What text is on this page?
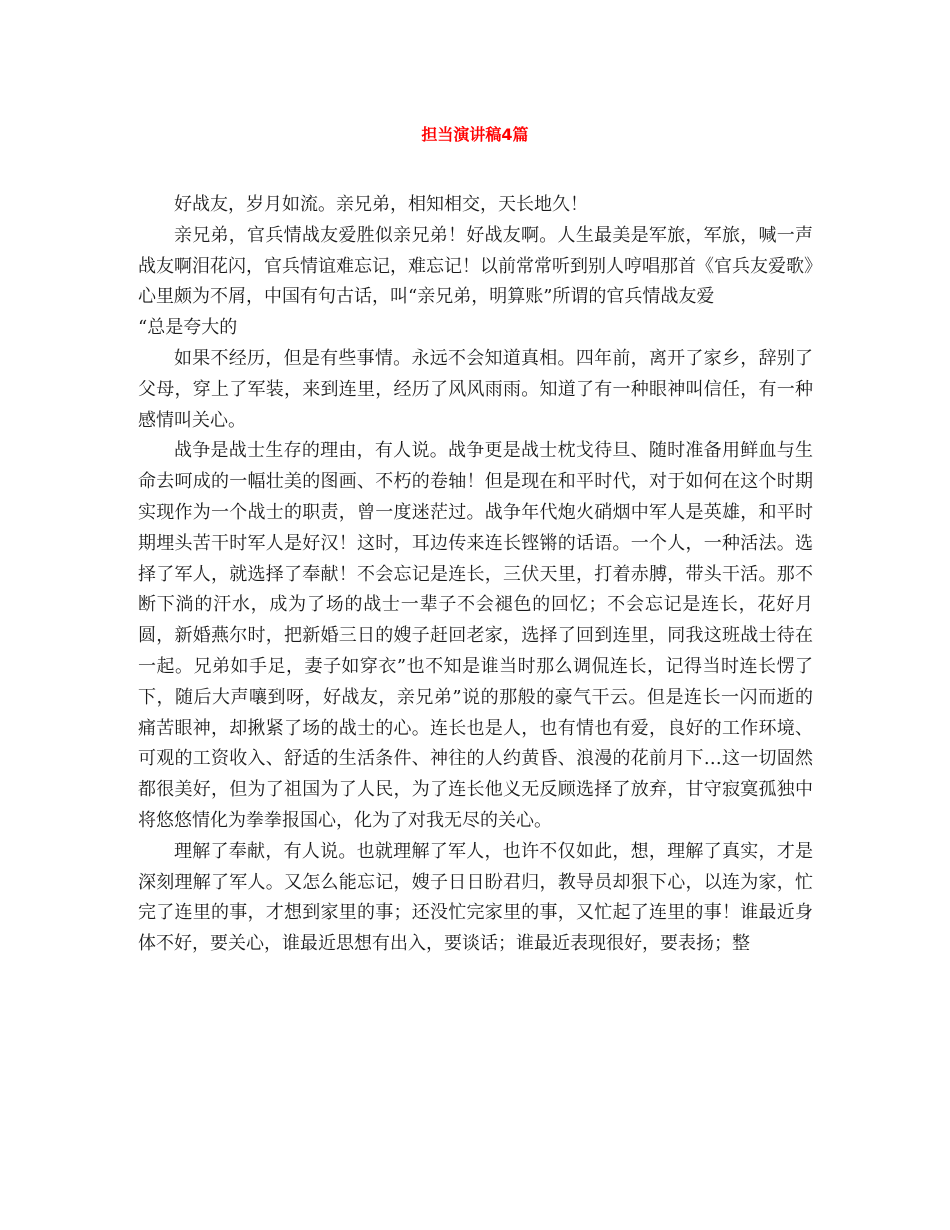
担当演讲稿4篇

好战友，岁月如流。亲兄弟，相知相交，天长地久！

亲兄弟，官兵情战友爱胜似亲兄弟！好战友啊。人生最美是军旅，军旅，喊一声战友啊泪花闪，官兵情谊难忘记，难忘记！以前常常听到别人哼唱那首《官兵友爱歌》心里颇为不屑，中国有句古话，叫“亲兄弟，明算账”所谓的官兵情战友爱

“总是夸大的

如果不经历，但是有些事情。永远不会知道真相。四年前，离开了家乡，辞别了父母，穿上了军装，来到连里，经历了风风雨雨。知道了有一种眼神叫信任，有一种感情叫关心。

战争是战士生存的理由，有人说。战争更是战士枕戈待旦、随时准备用鲜血与生命去呵成的一幅壮美的图画、不朽的卷轴！但是现在和平时代，对于如何在这个时期实现作为一个战士的职责，曾一度迷茫过。战争年代炮火硝烟中军人是英雄，和平时期埋头苦干时军人是好汉！这时，耳边传来连长铿锵的话语。一个人，一种活法。选择了军人，就选择了奉献！不会忘记是连长，三伏天里，打着赤膊，带头干活。那不断下淌的汗水，成为了场的战士一辈子不会褪色的回忆；不会忘记是连长，花好月圆，新婚燕尔时，把新婚三日的嫂子赶回老家，选择了回到连里，同我这班战士待在一起。兄弟如手足，妻子如穿衣”也不知是谁当时那么调侃连长，记得当时连长愣了下，随后大声嚷到呀，好战友，亲兄弟”说的那般的豪气干云。但是连长一闪而逝的痛苦眼神，却揪紧了场的战士的心。连长也是人，也有情也有爱，良好的工作环境、可观的工资收入、舒适的生活条件、神往的人约黄昏、浪漫的花前月下…这一切固然都很美好，但为了祖国为了人民，为了连长他义无反顾选择了放弃，甘守寂寞孤独中将悠悠情化为拳拳报国心，化为了对我无尽的关心。

理解了奉献，有人说。也就理解了军人，也许不仅如此，想，理解了真实，才是深刻理解了军人。又怎么能忘记，嫂子日日盼君归，教导员却狠下心，以连为家，忙完了连里的事，才想到家里的事；还没忙完家里的事，又忙起了连里的事！谁最近身体不好，要关心，谁最近思想有出入，要谈话；谁最近表现很好，要表扬；整
